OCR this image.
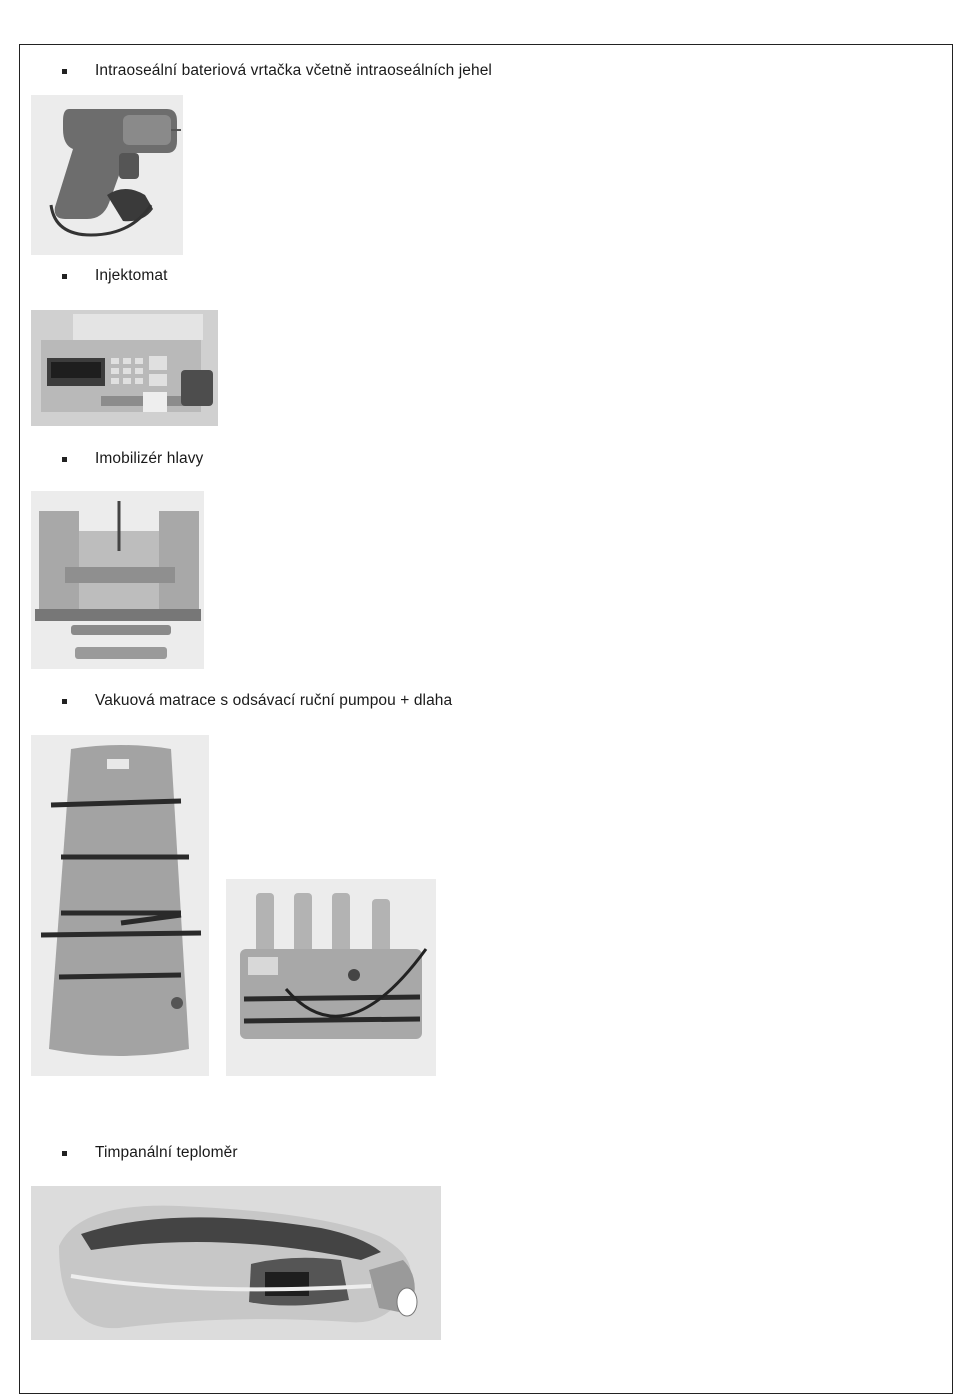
Intraoseální bateriová vrtačka včetně intraoseálních jehel
Injektomat
Imobilizér hlavy
Vakuová matrace s odsávací ruční pumpou + dlaha
Timpanální teploměr
